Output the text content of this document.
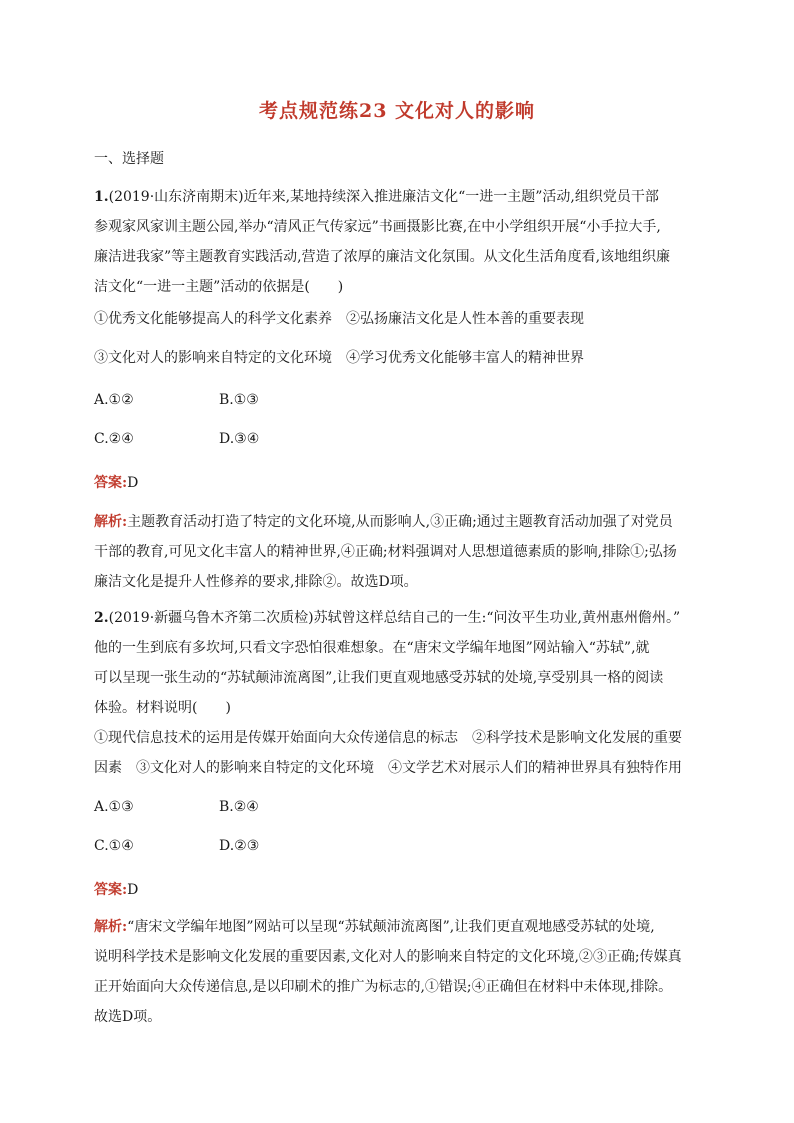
考点规范练23 文化对人的影响
一、选择题
1.(2019·山东济南期末)近年来,某地持续深入推进廉洁文化“一进一主题”活动,组织党员干部
参观家风家训主题公园,举办“清风正气传家远”书画摄影比赛,在中小学组织开展“小手拉大手,
廉洁进我家”等主题教育实践活动,营造了浓厚的廉洁文化氛围。从文化生活角度看,该地组织廉
洁文化“一进一主题”活动的依据是(　　)
①优秀文化能够提高人的科学文化素养　②弘扬廉洁文化是人性本善的重要表现
③文化对人的影响来自特定的文化环境　④学习优秀文化能够丰富人的精神世界
A.①②	B.①③
C.②④	D.③④
答案:D
解析:主题教育活动打造了特定的文化环境,从而影响人,③正确;通过主题教育活动加强了对党员
干部的教育,可见文化丰富人的精神世界,④正确;材料强调对人思想道德素质的影响,排除①;弘扬
廉洁文化是提升人性修养的要求,排除②。故选D项。
2.(2019·新疆乌鲁木齐第二次质检)苏轼曾这样总结自己的一生:“问汝平生功业,黄州惠州儋州。”
他的一生到底有多坎坷,只看文字恐怕很难想象。在“唐宋文学编年地图”网站输入“苏轼”,就
可以呈现一张生动的“苏轼颠沛流离图”,让我们更直观地感受苏轼的处境,享受别具一格的阅读
体验。材料说明(　　)
①现代信息技术的运用是传媒开始面向大众传递信息的标志　②科学技术是影响文化发展的重要
因素　③文化对人的影响来自特定的文化环境　④文学艺术对展示人们的精神世界具有独特作用
A.①③	B.②④
C.①④	D.②③
答案:D
解析:“唐宋文学编年地图”网站可以呈现“苏轼颠沛流离图”,让我们更直观地感受苏轼的处境,
说明科学技术是影响文化发展的重要因素,文化对人的影响来自特定的文化环境,②③正确;传媒真
正开始面向大众传递信息,是以印刷术的推广为标志的,①错误;④正确但在材料中未体现,排除。
故选D项。
